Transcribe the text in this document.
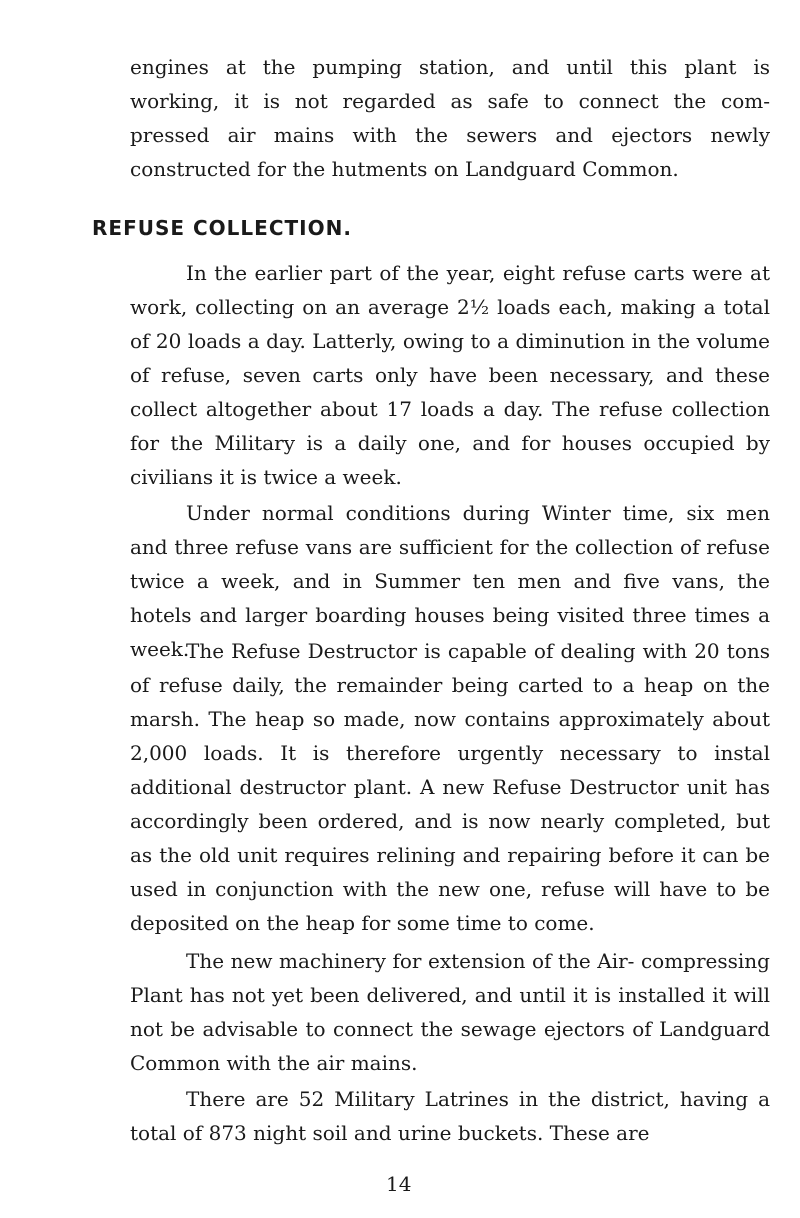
engines at the pumping station, and until this plant is working, it is not regarded as safe to connect the com- pressed air mains with the sewers and ejectors newly constructed for the hutments on Landguard Common.

REFUSE COLLECTION.

In the earlier part of the year, eight refuse carts were at work, collecting on an average 2½ loads each, making a total of 20 loads a day. Latterly, owing to a diminution in the volume of refuse, seven carts only have been necessary, and these collect altogether about 17 loads a day. The refuse collection for the Military is a daily one, and for houses occupied by civilians it is twice a week.

Under normal conditions during Winter time, six men and three refuse vans are sufficient for the collection of refuse twice a week, and in Summer ten men and five vans, the hotels and larger boarding houses being visited three times a week.

The Refuse Destructor is capable of dealing with 20 tons of refuse daily, the remainder being carted to a heap on the marsh. The heap so made, now contains approximately about 2,000 loads. It is therefore urgently necessary to instal additional destructor plant. A new Refuse Destructor unit has accordingly been ordered, and is now nearly completed, but as the old unit requires relining and repairing before it can be used in conjunction with the new one, refuse will have to be deposited on the heap for some time to come.

The new machinery for extension of the Air- compressing Plant has not yet been delivered, and until it is installed it will not be advisable to connect the sewage ejectors of Landguard Common with the air mains.

There are 52 Military Latrines in the district, having a total of 873 night soil and urine buckets. These are

14
